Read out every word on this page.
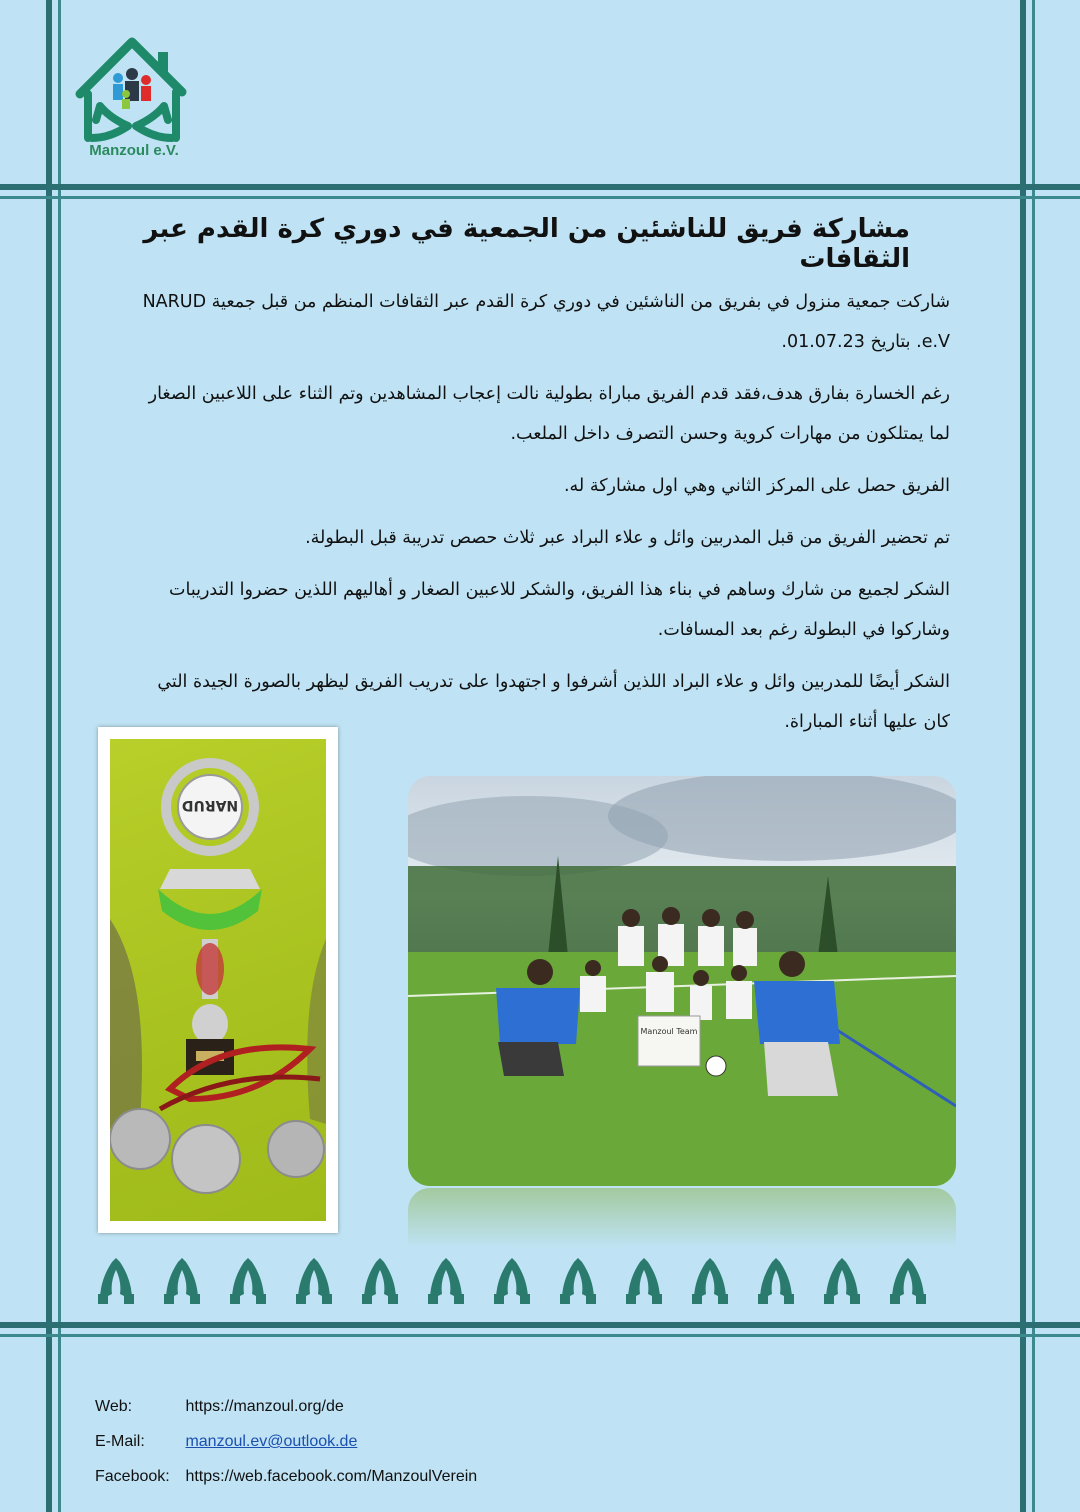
Manzoul e.V.
مشاركة فريق للناشئين من الجمعية في دوري كرة القدم عبر الثقافات

شاركت جمعية منزول في بفريق من الناشئين في دوري كرة القدم عبر الثقافات المنظم من قبل جمعية NARUD e.V. بتاريخ 01.07.23.

رغم الخسارة بفارق هدف،فقد قدم الفريق مباراة بطولية نالت إعجاب المشاهدين وتم الثناء على اللاعبين الصغار لما يمتلكون من مهارات كروية وحسن التصرف داخل الملعب.

الفريق حصل على المركز الثاني وهي اول مشاركة له.

تم تحضير الفريق من قبل المدربين وائل و علاء البراد عبر ثلاث حصص تدريبة قبل البطولة.

الشكر لجميع من شارك وساهم في بناء هذا الفريق، والشكر للاعبين الصغار و أهاليهم اللذين حضروا التدريبات وشاركوا في البطولة رغم بعد المسافات.

الشكر أيضًا للمدربين وائل و علاء البراد اللذين أشرفوا و اجتهدوا على تدريب الفريق ليظهر بالصورة الجيدة التي كان عليها أثناء المباراة.

NARUD
Manzoul Team
Web:	https://manzoul.org/de
E-Mail:	manzoul.ev@outlook.de
Facebook: https://web.facebook.com/ManzoulVerein
